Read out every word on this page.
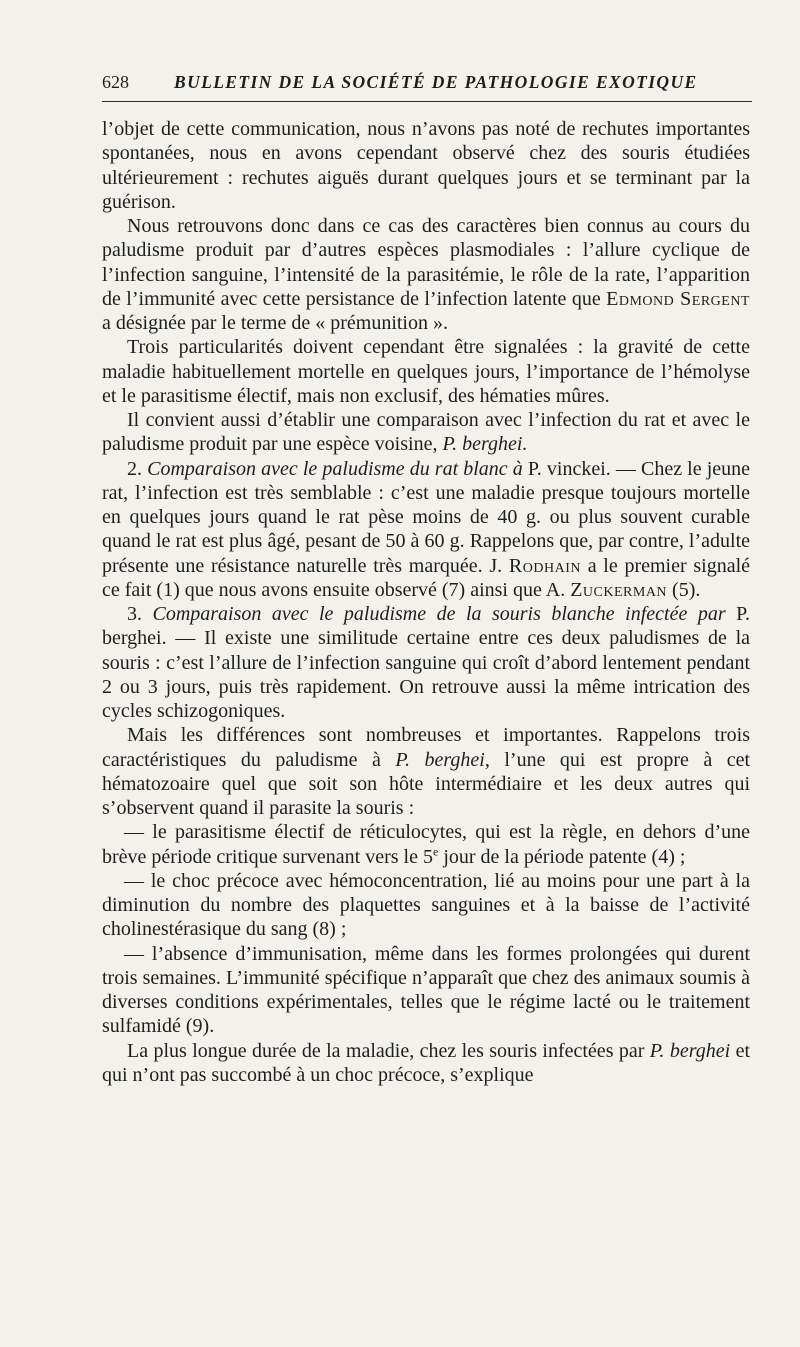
628	BULLETIN DE LA SOCIÉTÉ DE PATHOLOGIE EXOTIQUE

l’objet de cette communication, nous n’avons pas noté de rechutes importantes spontanées, nous en avons cependant observé chez des souris étudiées ultérieurement : rechutes aiguës durant quelques jours et se terminant par la guérison.

Nous retrouvons donc dans ce cas des caractères bien connus au cours du paludisme produit par d’autres espèces plasmodiales : l’allure cyclique de l’infection sanguine, l’intensité de la parasitémie, le rôle de la rate, l’apparition de l’immunité avec cette persistance de l’infection latente que Edmond Sergent a désignée par le terme de « prémunition ».

Trois particularités doivent cependant être signalées : la gravité de cette maladie habituellement mortelle en quelques jours, l’importance de l’hémolyse et le parasitisme électif, mais non exclusif, des hématies mûres.

Il convient aussi d’établir une comparaison avec l’infection du rat et avec le paludisme produit par une espèce voisine, P. berghei.

2. Comparaison avec le paludisme du rat blanc à P. vinckei. — Chez le jeune rat, l’infection est très semblable : c’est une maladie presque toujours mortelle en quelques jours quand le rat pèse moins de 40 g. ou plus souvent curable quand le rat est plus âgé, pesant de 50 à 60 g. Rappelons que, par contre, l’adulte présente une résistance naturelle très marquée. J. Rodhain a le premier signalé ce fait (1) que nous avons ensuite observé (7) ainsi que A. Zuckerman (5).

3. Comparaison avec le paludisme de la souris blanche infectée par P. berghei. — Il existe une similitude certaine entre ces deux paludismes de la souris : c’est l’allure de l’infection sanguine qui croît d’abord lentement pendant 2 ou 3 jours, puis très rapidement. On retrouve aussi la même intrication des cycles schizogoniques.

Mais les différences sont nombreuses et importantes. Rappelons trois caractéristiques du paludisme à P. berghei, l’une qui est propre à cet hématozoaire quel que soit son hôte intermédiaire et les deux autres qui s’observent quand il parasite la souris :

— le parasitisme électif de réticulocytes, qui est la règle, en dehors d’une brève période critique survenant vers le 5e jour de la période patente (4) ;

— le choc précoce avec hémoconcentration, lié au moins pour une part à la diminution du nombre des plaquettes sanguines et à la baisse de l’activité cholinestérasique du sang (8) ;

— l’absence d’immunisation, même dans les formes prolongées qui durent trois semaines. L’immunité spécifique n’apparaît que chez des animaux soumis à diverses conditions expérimentales, telles que le régime lacté ou le traitement sulfamidé (9).

La plus longue durée de la maladie, chez les souris infectées par P. berghei et qui n’ont pas succombé à un choc précoce, s’explique
